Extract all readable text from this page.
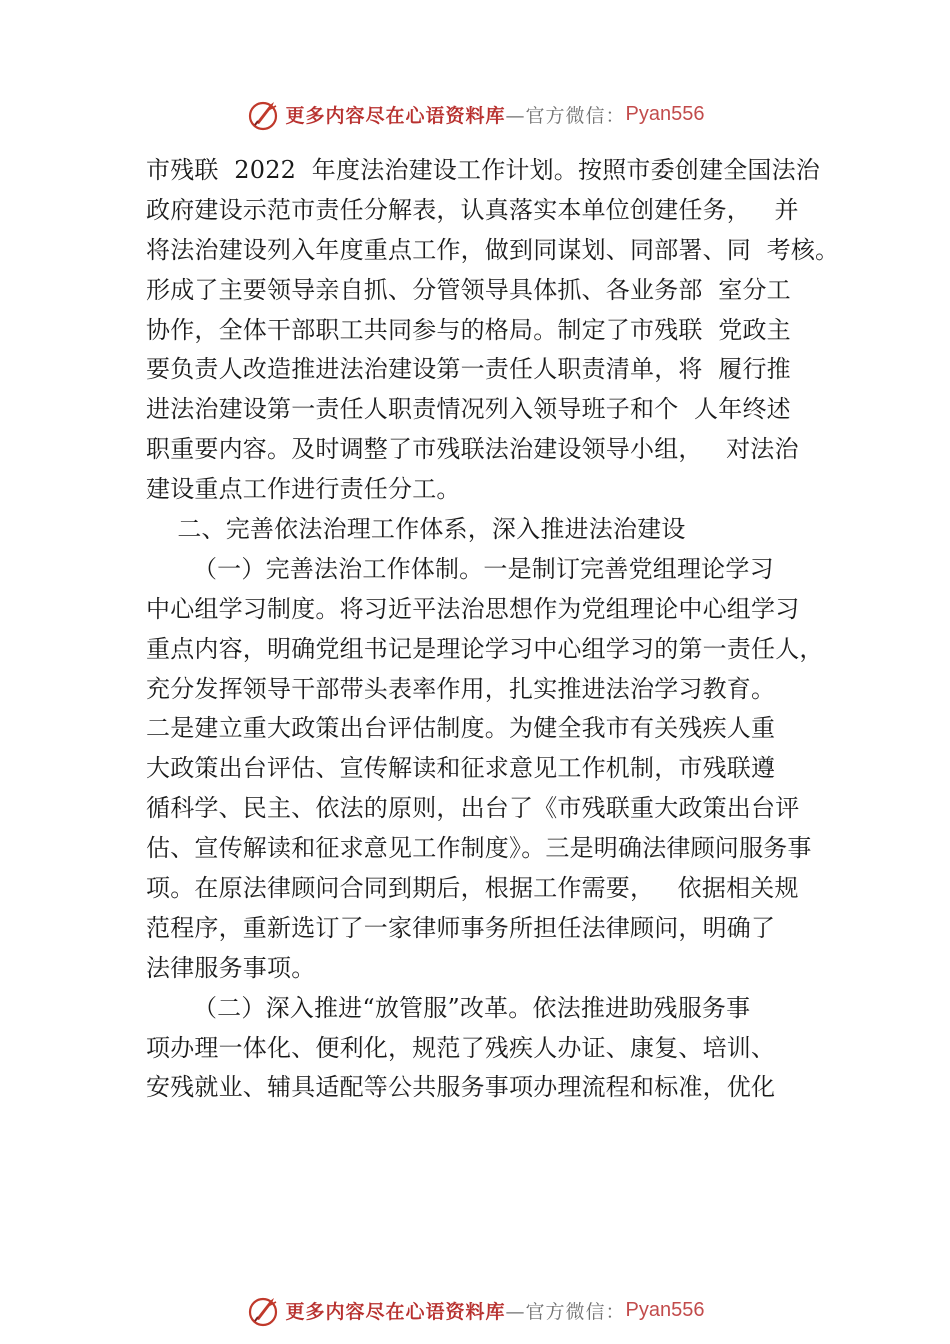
更多内容尽在心语资料库 —官方微信： Pyan556
市残联  2022  年度法治建设工作计划。按照市委创建全国法治
政府建设示范市责任分解表，认真落实本单位创建任务，   并
将法治建设列入年度重点工作，做到同谋划、同部署、同  考核。
形成了主要领导亲自抓、分管领导具体抓、各业务部  室分工
协作，全体干部职工共同参与的格局。制定了市残联  党政主
要负责人改造推进法治建设第一责任人职责清单，将  履行推
进法治建设第一责任人职责情况列入领导班子和个  人年终述
职重要内容。及时调整了市残联法治建设领导小组，   对法治
建设重点工作进行责任分工。
二、完善依法治理工作体系，深入推进法治建设
（一）完善法治工作体制。一是制订完善党组理论学习
中心组学习制度。将习近平法治思想作为党组理论中心组学习
重点内容，明确党组书记是理论学习中心组学习的第一责任人，
充分发挥领导干部带头表率作用，扎实推进法治学习教育。
二是建立重大政策出台评估制度。为健全我市有关残疾人重
大政策出台评估、宣传解读和征求意见工作机制，市残联遵
循科学、民主、依法的原则，出台了《市残联重大政策出台评
估、宣传解读和征求意见工作制度》。三是明确法律顾问服务事
项。在原法律顾问合同到期后，根据工作需要，   依据相关规
范程序，重新选订了一家律师事务所担任法律顾问，明确了
法律服务事项。
（二）深入推进“放管服”改革。依法推进助残服务事
项办理一体化、便利化，规范了残疾人办证、康复、培训、
安残就业、辅具适配等公共服务事项办理流程和标准，优化
更多内容尽在心语资料库 —官方微信： Pyan556
